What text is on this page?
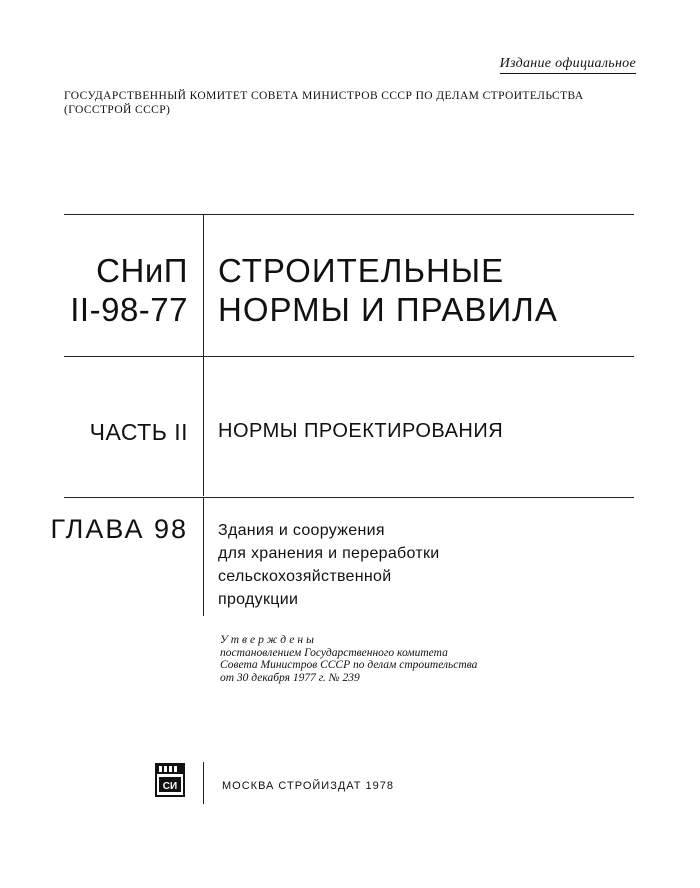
Издание официальное
ГОСУДАРСТВЕННЫЙ КОМИТЕТ СОВЕТА МИНИСТРОВ СССР ПО ДЕЛАМ СТРОИТЕЛЬСТВА
(ГОССТРОЙ СССР)
СНиП
II-98-77
СТРОИТЕЛЬНЫЕ
НОРМЫ И ПРАВИЛА
ЧАСТЬ II НОРМЫ ПРОЕКТИРОВАНИЯ
ГЛАВА 98 Здания и сооружения
для хранения и переработки
сельскохозяйственной
продукции
Утверждены
постановлением Государственного комитета
Совета Министров СССР по делам строительства
от 30 декабря 1977 г. № 239
СИ	МОСКВА СТРОЙИЗДАТ 1978
